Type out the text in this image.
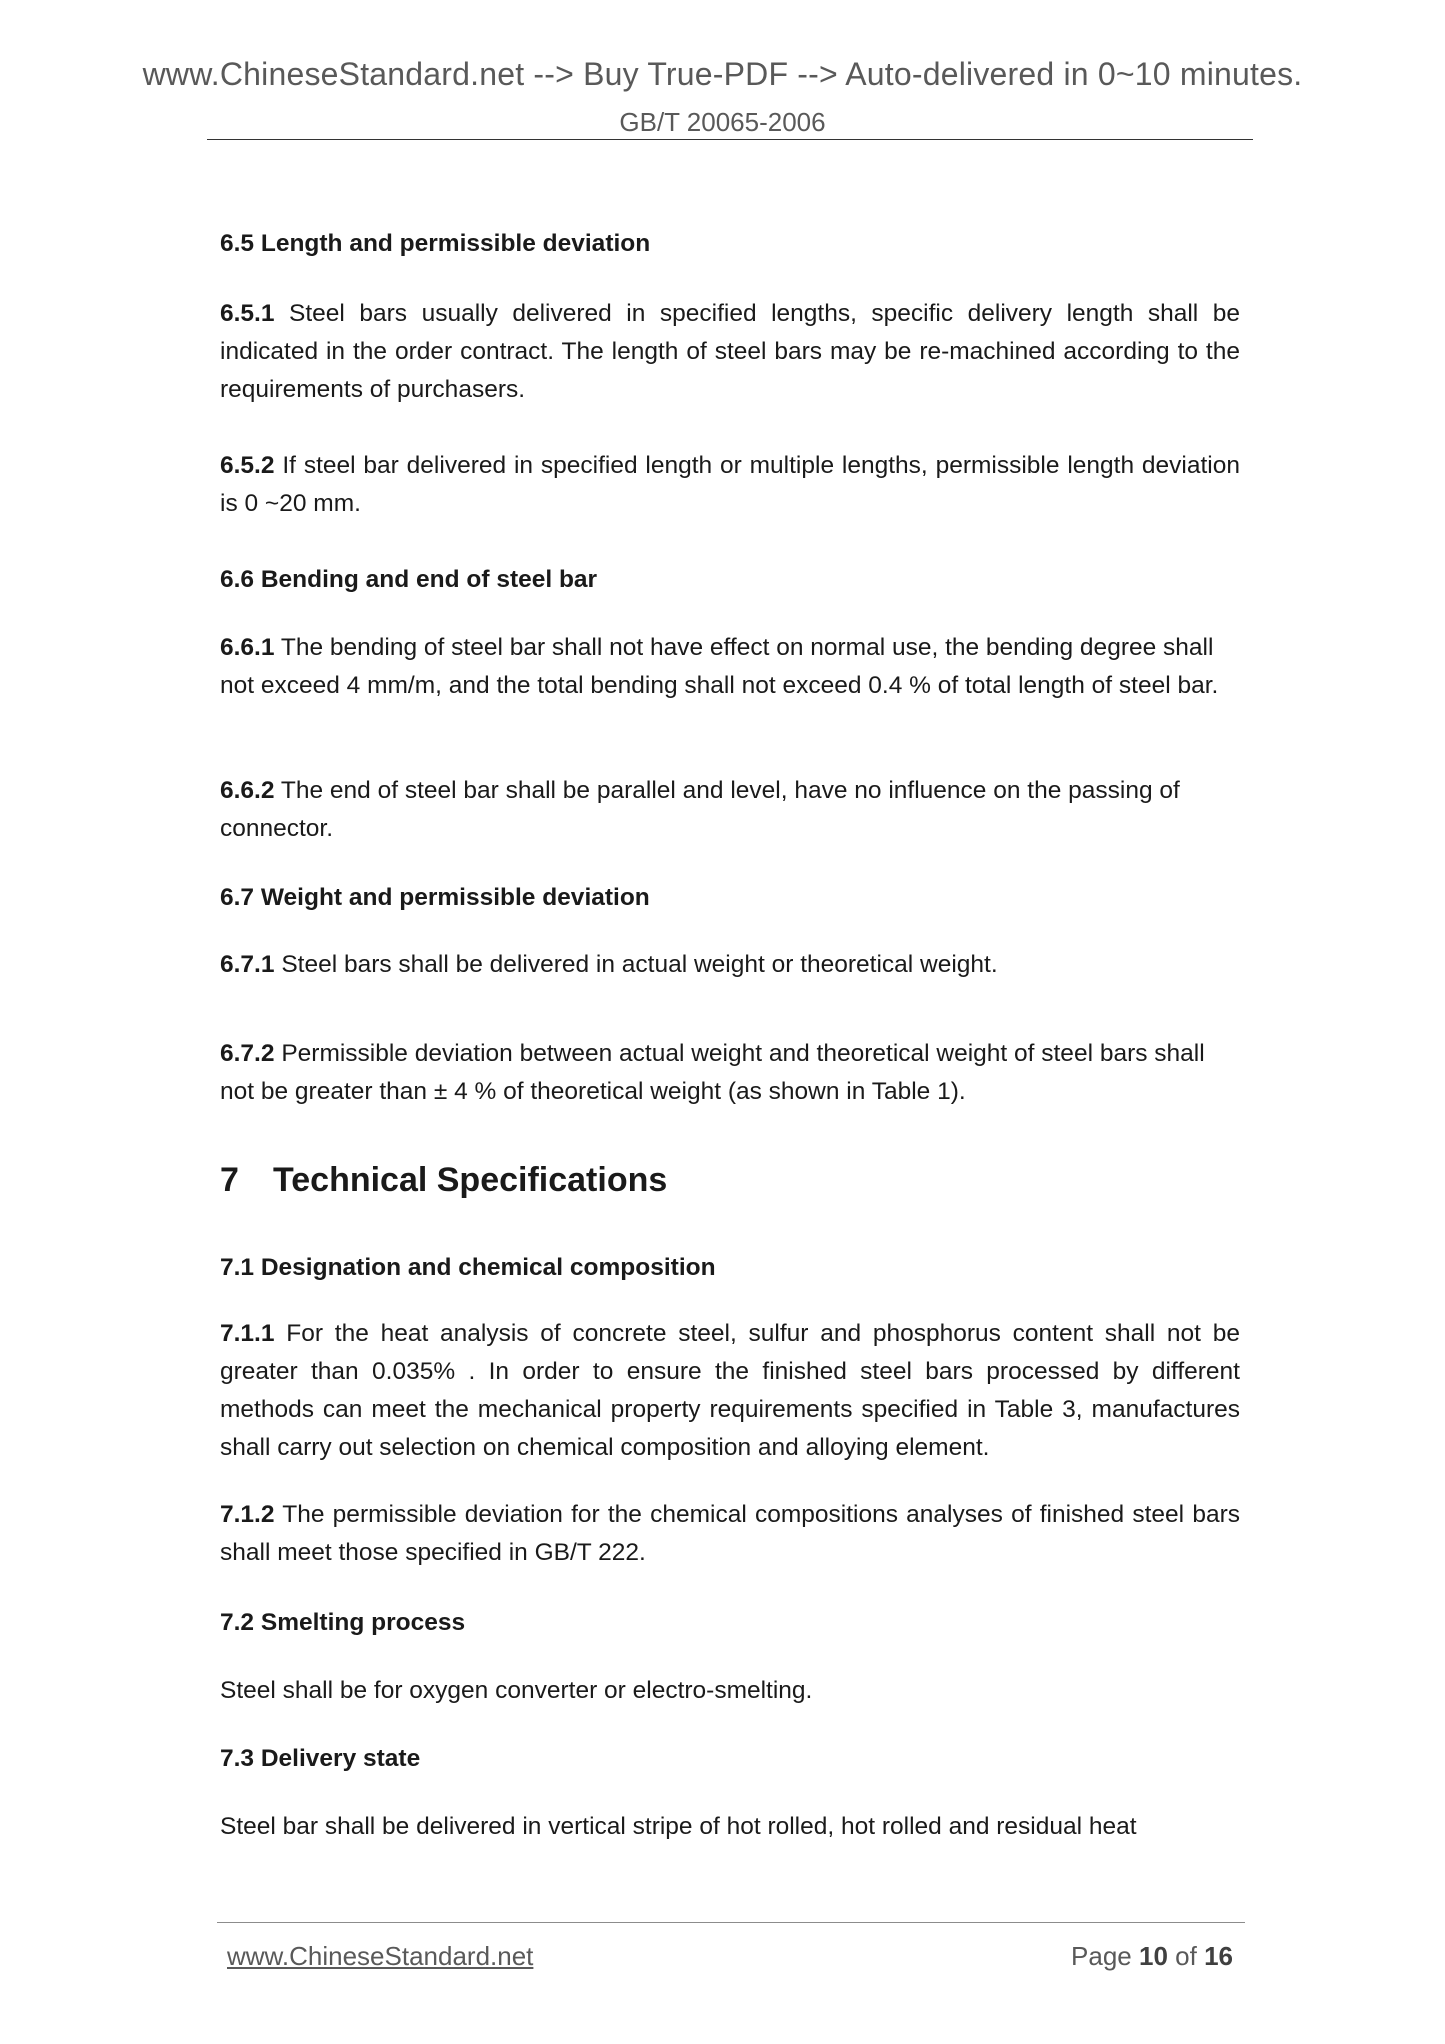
www.ChineseStandard.net --> Buy True-PDF --> Auto-delivered in 0~10 minutes.
GB/T 20065-2006
6.5 Length and permissible deviation
6.5.1 Steel bars usually delivered in specified lengths, specific delivery length shall be indicated in the order contract. The length of steel bars may be re-machined according to the requirements of purchasers.
6.5.2 If steel bar delivered in specified length or multiple lengths, permissible length deviation is 0 ~20 mm.
6.6 Bending and end of steel bar
6.6.1 The bending of steel bar shall not have effect on normal use, the bending degree shall not exceed 4 mm/m, and the total bending shall not exceed 0.4 % of total length of steel bar.
6.6.2 The end of steel bar shall be parallel and level, have no influence on the passing of connector.
6.7 Weight and permissible deviation
6.7.1 Steel bars shall be delivered in actual weight or theoretical weight.
6.7.2 Permissible deviation between actual weight and theoretical weight of steel bars shall not be greater than ± 4 % of theoretical weight (as shown in Table 1).
7 Technical Specifications
7.1 Designation and chemical composition
7.1.1 For the heat analysis of concrete steel, sulfur and phosphorus content shall not be greater than 0.035% . In order to ensure the finished steel bars processed by different methods can meet the mechanical property requirements specified in Table 3, manufactures shall carry out selection on chemical composition and alloying element.
7.1.2 The permissible deviation for the chemical compositions analyses of finished steel bars shall meet those specified in GB/T 222.
7.2 Smelting process
Steel shall be for oxygen converter or electro-smelting.
7.3 Delivery state
Steel bar shall be delivered in vertical stripe of hot rolled, hot rolled and residual heat
www.ChineseStandard.net	Page 10 of 16
